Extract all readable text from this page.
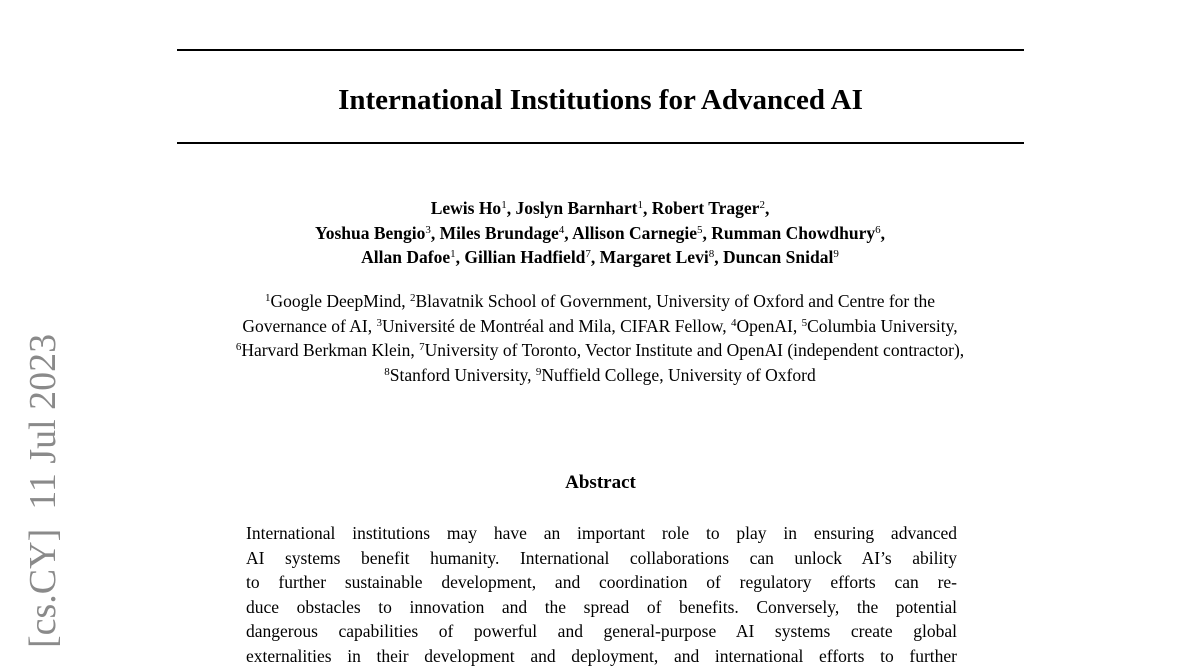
International Institutions for Advanced AI
Lewis Ho$^1$, Joslyn Barnhart$^1$, Robert Trager$^2$,
Yoshua Bengio$^3$, Miles Brundage$^4$, Allison Carnegie$^5$, Rumman Chowdhury$^6$,
Allan Dafoe$^1$, Gillian Hadfield$^7$, Margaret Levi$^8$, Duncan Snidal$^9$
$^1$Google DeepMind, $^2$Blavatnik School of Government, University of Oxford and Centre for the Governance of AI, $^3$Université de Montréal and Mila, CIFAR Fellow, $^4$OpenAI, $^5$Columbia University, $^6$Harvard Berkman Klein, $^7$University of Toronto, Vector Institute and OpenAI (independent contractor), $^8$Stanford University, $^9$Nuffield College, University of Oxford
Abstract
International institutions may have an important role to play in ensuring advanced
AI systems benefit humanity. International collaborations can unlock AI’s ability
to further sustainable development, and coordination of regulatory efforts can re-
duce obstacles to innovation and the spread of benefits. Conversely, the potential
dangerous capabilities of powerful and general-purpose AI systems create global
externalities in their development and deployment, and international efforts to further
[cs.CY]  11 Jul 2023
